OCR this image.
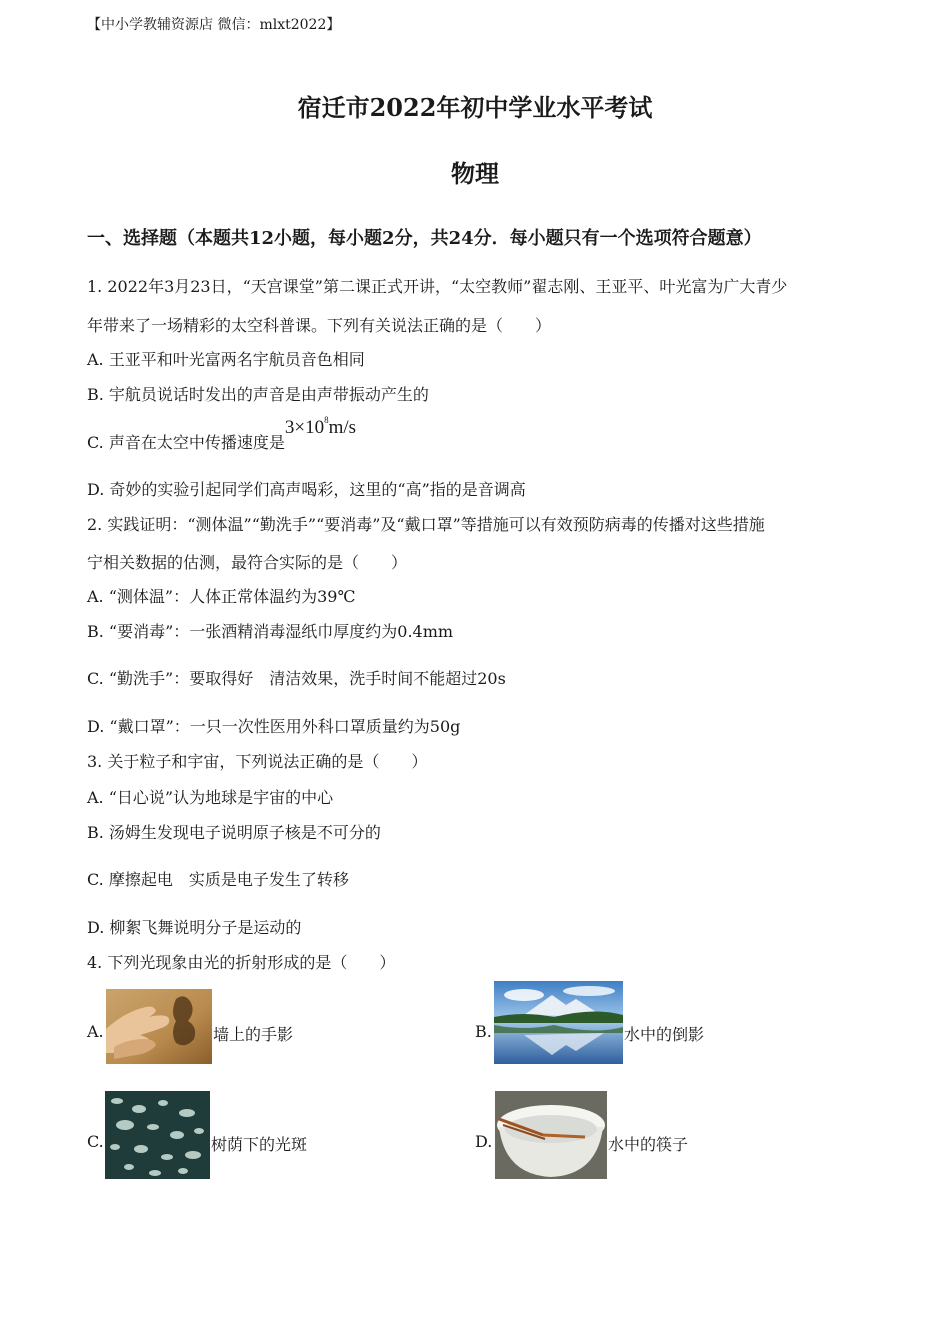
【中小学教辅资源店 微信：mlxt2022】
宿迁市2022年初中学业水平考试
物理
一、选择题（本题共12小题，每小题2分，共24分．每小题只有一个选项符合题意）
1. 2022年3月23日，“天宫课堂”第二课正式开讲，“太空教师”翟志刚、王亚平、叶光富为广大青少
年带来了一场精彩的太空科普课。下列有关说法正确的是（　　）
A. 王亚平和叶光富两名宇航员音色相同
B. 宇航员说话时发出的声音是由声带振动产生的
C. 声音在太空中传播速度是$3\times 10^8m/s$
D. 奇妙的实验引起同学们高声喝彩，这里的“高”指的是音调高
2. 实践证明：“测体温”“勤洗手”“要消毒”及“戴口罩”等措施可以有效预防病毒的传播对这些措施
宁相关数据的估测，最符合实际的是（　　）
A. “测体温”：人体正常体温约为39℃
B. “要消毒”：一张酒精消毒湿纸巾厚度约为0.4mm
C. “勤洗手”：要取得好　清洁效果，洗手时间不能超过20s
D. “戴口罩”：一只一次性医用外科口罩质量约为50g
3. 关于粒子和宇宙，下列说法正确的是（　　）
A. “日心说”认为地球是宇宙的中心
B. 汤姆生发现电子说明原子核是不可分的
C. 摩擦起电　实质是电子发生了转移
D. 柳絮飞舞说明分子是运动的
4. 下列光现象由光的折射形成的是（　　）
A.	墙上的手影	B.	水中的倒影
C.	树荫下的光斑	D.	水中的筷子
